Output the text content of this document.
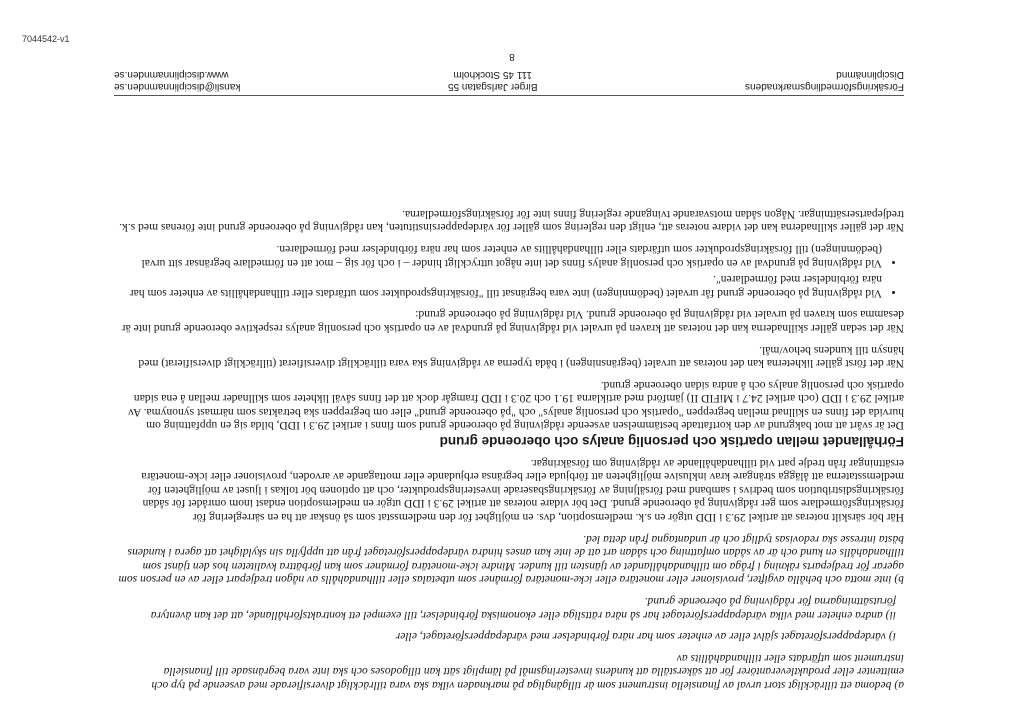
7044542-v1

a) bedoma ett tillräckligt stort urval av finansiella instrument som är tillgängliga på marknaden vilka ska vara tillräckligt diversifierade med avseende på typ och emittenter eller produktleverantörer för att säkerställa att kundens investeringsmål på lämpligt sätt kan tillgodoses och ska inte vara begränsade till finansiella instrument som utfärdats eller tillhandahållits av

i) värdepappersföretaget självt eller av enheter som har nära förbindelser med värdepappersföretaget, eller

ii) andra enheter med vilka värdepappersföretaget har så nära rättsliga eller ekonomiska förbindelser, till exempel ett kontraktsförhållande, att det kan äventyra förutsättningarna för rådgivning på oberoende grund.

b) inte motta och behålla avgifter, provisioner eller monetära eller icke-monetära förmåner som utbetalas eller tillhandahålls av någon tredjepart eller av en person som agerar för tredjeparts räkning i fråga om tillhandahållandet av tjänsten till kunder. Mindre icke-monetära förmåner som kan förbättra kvaliteten hos den tjänst som tillhandahålls en kund och är av sådan omfattning och sådan art att de inte kan anses hindra värdepappersföretaget från att uppfylla sin skyldighet att agera i kundens bästa intresse ska redovisas tydligt och är undantagna från detta led.

Här bör särskilt noteras att artikel 29.3 i IDD utgör en s.k. medlemsoption, dvs. en möjlighet för den medlemsstat som så önskar att ha en särreglering för försäkringsförmedlare som ger rådgivning på oberoende grund. Det bör vidare noteras att artikel 29.3 i IDD utgör en medlemsoption endast inom området för sådan försäkringsdistribution som bedrivs i samband med försäljning av försäkringsbaserade investeringsprodukter, och att optionen bör tolkas i ljuset av möjligheten för medlemsstaterna att ålägga strängare krav inklusive möjligheten att förbjuda eller begränsa erbjudande eller mottagande av arvoden, provisioner eller icke-monetära ersättningar från tredje part vid tillhandahållande av rådgivning om försäkringar.

Förhållandet mellan opartisk och personlig analys och oberoende grund

Det är svårt att mot bakgrund av den kortfattade bestämmelsen avseende rådgivning på oberoende grund som finns i artikel 29.3 i IDD, bilda sig en uppfattning om hurvida det finns en skillnad mellan begreppen "opartisk och personlig analys" och "på oberoende grund" eller om begreppen ska betraktas som närmast synonyma. Av artikel 29.3 i IDD (och artikel 24.7 i MiFID II) jämförd med artiklarna 19.1 och 20.3 i IDD framgår dock att det finns såväl likheter som skillnader mellan å ena sidan opartisk och personlig analys och å andra sidan oberoende grund.

När det först gäller likheterna kan det noteras att urvalet (begränsningen) i båda typerna av rådgivning ska vara tillräckligt diversifierat (tillräckligt diversifierat) med hänsyn till kundens behov/mål.

När det sedan gäller skillnaderna kan det noteras att kraven på urvalet vid rådgivning på grundval av en opartisk och personlig analys respektive oberoende grund inte är desamma som kraven på urvalet vid rådgivning på oberoende grund. Vid rådgivning på oberoende grund:

• Vid rådgivning på oberoende grund får urvalet (bedömningen) inte vara begränsat till "försäkringsprodukter som utfärdats eller tillhandahållits av enheter som har nära förbindelser med förmedlaren".
• Vid rådgivning på grundval av en opartisk och personlig analys finns det inte något uttryckligt hinder – i och för sig – mot att en förmedlare begränsar sitt urval (bedömningen) till försäkringsprodukter som utfärdats eller tillhandahållits av enheter som har nära förbindelser med förmedlaren.

När det gäller skillnaderna kan det vidare noteras att, enligt den reglering som gäller för värdepappersinstituten, kan rådgivning på oberoende grund inte förenas med s.k. tredjepartsersättningar. Någon sådan motsvarande tvingande reglering finns inte för försäkringsförmedlarna.

Försäkringsförmedlingsmarknadens
Disciplinnämnd
Birger Jarlsgatan 55
111 45 Stockholm
kansli@disciplinnamnden.se
www.disciplinnamnden.se
8
